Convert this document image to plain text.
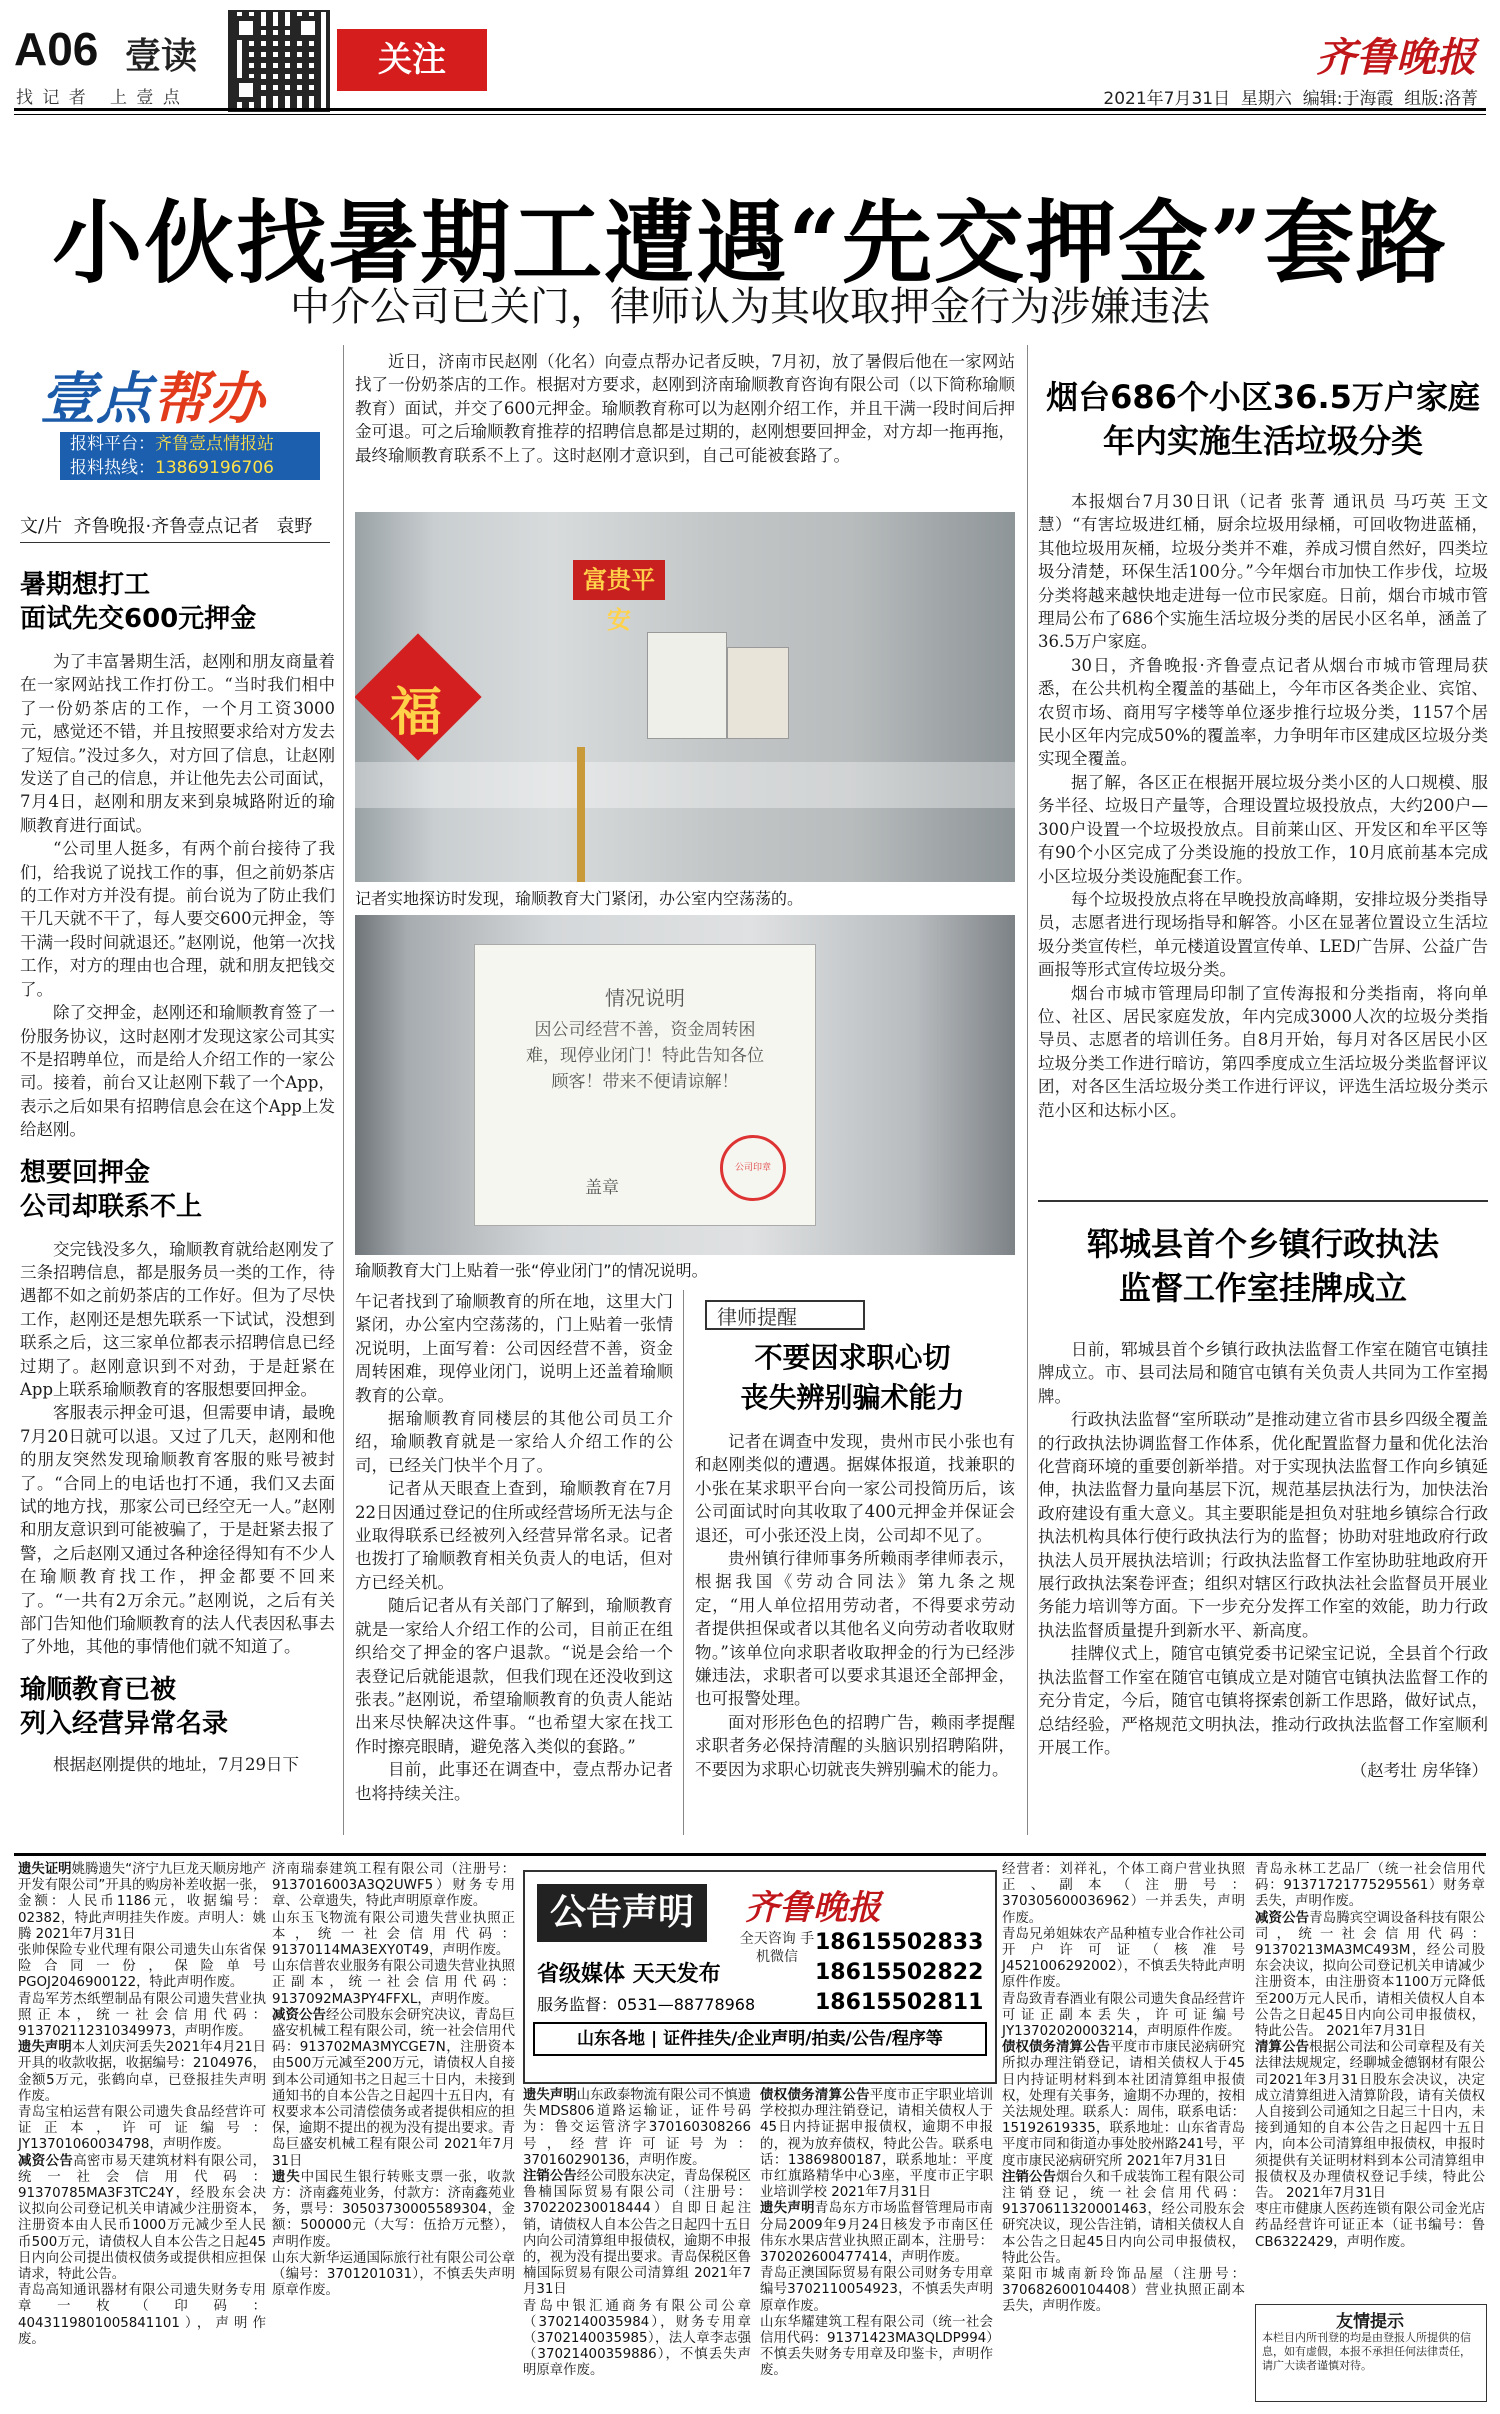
A06 壹读
找 记 者   上 壹 点
关注	齐鲁晚报
2021年7月31日  星期六  编辑:于海霞  组版:洛菁
小伙找暑期工遭遇“先交押金”套路
中介公司已关门，律师认为其收取押金行为涉嫌违法
壹点帮办
报料平台：齐鲁壹点情报站
报料热线：13869196706
文/片  齐鲁晚报·齐鲁壹点记者   袁野

近日，济南市民赵刚（化名）向壹点帮办记者反映，7月初，放了暑假后他在一家网站找了一份奶茶店的工作。根据对方要求，赵刚到济南瑜顺教育咨询有限公司（以下简称瑜顺教育）面试，并交了600元押金。瑜顺教育称可以为赵刚介绍工作，并且干满一段时间后押金可退。可之后瑜顺教育推荐的招聘信息都是过期的，赵刚想要回押金，对方却一拖再拖，最终瑜顺教育联系不上了。这时赵刚才意识到，自己可能被套路了。

暑期想打工
面试先交600元押金

为了丰富暑期生活，赵刚和朋友商量着在一家网站找工作打份工。“当时我们相中了一份奶茶店的工作，一个月工资3000元，感觉还不错，并且按照要求给对方发去了短信。”没过多久，对方回了信息，让赵刚发送了自己的信息，并让他先去公司面试，7月4日，赵刚和朋友来到泉城路附近的瑜顺教育进行面试。

“公司里人挺多，有两个前台接待了我们，给我说了说找工作的事，但之前奶茶店的工作对方并没有提。前台说为了防止我们干几天就不干了，每人要交600元押金，等干满一段时间就退还。”赵刚说，他第一次找工作，对方的理由也合理，就和朋友把钱交了。

除了交押金，赵刚还和瑜顺教育签了一份服务协议，这时赵刚才发现这家公司其实不是招聘单位，而是给人介绍工作的一家公司。接着，前台又让赵刚下载了一个App，表示之后如果有招聘信息会在这个App上发给赵刚。

想要回押金
公司却联系不上

交完钱没多久，瑜顺教育就给赵刚发了三条招聘信息，都是服务员一类的工作，待遇都不如之前奶茶店的工作好。但为了尽快工作，赵刚还是想先联系一下试试，没想到联系之后，这三家单位都表示招聘信息已经过期了。赵刚意识到不对劲，于是赶紧在App上联系瑜顺教育的客服想要回押金。

客服表示押金可退，但需要申请，最晚7月20日就可以退。又过了几天，赵刚和他的朋友突然发现瑜顺教育客服的账号被封了。“合同上的电话也打不通，我们又去面试的地方找，那家公司已经空无一人。”赵刚和朋友意识到可能被骗了，于是赶紧去报了警，之后赵刚又通过各种途径得知有不少人在瑜顺教育找工作，押金都要不回来了。“一共有2万余元。”赵刚说，之后有关部门告知他们瑜顺教育的法人代表因私事去了外地，其他的事情他们就不知道了。

瑜顺教育已被
列入经营异常名录

根据赵刚提供的地址，7月29日下

福
富贵平安
记者实地探访时发现，瑜顺教育大门紧闭，办公室内空荡荡的。
情况说明
因公司经营不善，资金周转困难，现停业闭门！特此告知各位顾客！带来不便请谅解！
盖章
公司印章
瑜顺教育大门上贴着一张“停业闭门”的情况说明。

午记者找到了瑜顺教育的所在地，这里大门紧闭，办公室内空荡荡的，门上贴着一张情况说明，上面写着：公司因经营不善，资金周转困难，现停业闭门，说明上还盖着瑜顺教育的公章。

据瑜顺教育同楼层的其他公司员工介绍，瑜顺教育就是一家给人介绍工作的公司，已经关门快半个月了。

记者从天眼查上查到，瑜顺教育在7月22日因通过登记的住所或经营场所无法与企业取得联系已经被列入经营异常名录。记者也拨打了瑜顺教育相关负责人的电话，但对方已经关机。

随后记者从有关部门了解到，瑜顺教育就是一家给人介绍工作的公司，目前正在组织给交了押金的客户退款。“说是会给一个表登记后就能退款，但我们现在还没收到这张表。”赵刚说，希望瑜顺教育的负责人能站出来尽快解决这件事。“也希望大家在找工作时擦亮眼睛，避免落入类似的套路。”

目前，此事还在调查中，壹点帮办记者也将持续关注。

律师提醒
不要因求职心切
丧失辨别骗术能力

记者在调查中发现，贵州市民小张也有和赵刚类似的遭遇。据媒体报道，找兼职的小张在某求职平台向一家公司投简历后，该公司面试时向其收取了400元押金并保证会退还，可小张还没上岗，公司却不见了。

贵州镇行律师事务所赖雨孝律师表示，根据我国《劳动合同法》第九条之规定，“用人单位招用劳动者，不得要求劳动者提供担保或者以其他名义向劳动者收取财物。”该单位向求职者收取押金的行为已经涉嫌违法，求职者可以要求其退还全部押金，也可报警处理。

面对形形色色的招聘广告，赖雨孝提醒求职者务必保持清醒的头脑识别招聘陷阱，不要因为求职心切就丧失辨别骗术的能力。

烟台686个小区36.5万户家庭
年内实施生活垃圾分类

本报烟台7月30日讯（记者 张菁 通讯员 马巧英 王文慧）“有害垃圾进红桶，厨余垃圾用绿桶，可回收物进蓝桶，其他垃圾用灰桶，垃圾分类并不难，养成习惯自然好，四类垃圾分清楚，环保生活100分。”今年烟台市加快工作步伐，垃圾分类将越来越快地走进每一位市民家庭。日前，烟台市城市管理局公布了686个实施生活垃圾分类的居民小区名单，涵盖了36.5万户家庭。

30日，齐鲁晚报·齐鲁壹点记者从烟台市城市管理局获悉，在公共机构全覆盖的基础上，今年市区各类企业、宾馆、农贸市场、商用写字楼等单位逐步推行垃圾分类，1157个居民小区年内完成50%的覆盖率，力争明年市区建成区垃圾分类实现全覆盖。

据了解，各区正在根据开展垃圾分类小区的人口规模、服务半径、垃圾日产量等，合理设置垃圾投放点，大约200户—300户设置一个垃圾投放点。目前莱山区、开发区和牟平区等有90个小区完成了分类设施的投放工作，10月底前基本完成小区垃圾分类设施配套工作。

每个垃圾投放点将在早晚投放高峰期，安排垃圾分类指导员，志愿者进行现场指导和解答。小区在显著位置设立生活垃圾分类宣传栏，单元楼道设置宣传单、LED广告屏、公益广告画报等形式宣传垃圾分类。

烟台市城市管理局印制了宣传海报和分类指南，将向单位、社区、居民家庭发放，年内完成3000人次的垃圾分类指导员、志愿者的培训任务。自8月开始，每月对各区居民小区垃圾分类工作进行暗访，第四季度成立生活垃圾分类监督评议团，对各区生活垃圾分类工作进行评议，评选生活垃圾分类示范小区和达标小区。

郓城县首个乡镇行政执法
监督工作室挂牌成立

日前，郓城县首个乡镇行政执法监督工作室在随官屯镇挂牌成立。市、县司法局和随官屯镇有关负责人共同为工作室揭牌。

行政执法监督“室所联动”是推动建立省市县乡四级全覆盖的行政执法协调监督工作体系，优化配置监督力量和优化法治化营商环境的重要创新举措。对于实现执法监督工作向乡镇延伸，执法监督力量向基层下沉，规范基层执法行为，加快法治政府建设有重大意义。其主要职能是担负对驻地乡镇综合行政执法机构具体行使行政执法行为的监督；协助对驻地政府行政执法人员开展执法培训；行政执法监督工作室协助驻地政府开展行政执法案卷评查；组织对辖区行政执法社会监督员开展业务能力培训等方面。下一步充分发挥工作室的效能，助力行政执法监督质量提升到新水平、新高度。

挂牌仪式上，随官屯镇党委书记梁宝记说，全县首个行政执法监督工作室在随官屯镇成立是对随官屯镇执法监督工作的充分肯定，今后，随官屯镇将探索创新工作思路，做好试点，总结经验，严格规范文明执法，推动行政执法监督工作室顺利开展工作。

（赵考壮 房华锋）

遗失证明姚腾遗失“济宁九巨龙天顺房地产开发有限公司”开具的购房补差收据一张，金额：人民币1186元，收据编号：02382，特此声明挂失作废。声明人：姚腾 2021年7月31日

张帅保险专业代理有限公司遗失山东省保险合同一份，保险单号PGOJ2046900122，特此声明作废。

青岛军芳杰纸塑制品有限公司遗失营业执照正本，统一社会信用代码：913702112310349973，声明作废。

遗失声明本人刘庆河丢失2021年4月21日开具的收款收据，收据编号：2104976，金额5万元，张鹤向卓，已登报挂失声明作废。

青岛宝柏运营有限公司遗失食品经营许可证正本，许可证编号：JY13701060034798，声明作废。

减资公告高密市易天建筑材料有限公司，统一社会信用代码：91370785MA3F3TC24Y，经股东会决议拟向公司登记机关申请减少注册资本，注册资本由人民币1000万元减少至人民币500万元，请债权人自本公告之日起45日内向公司提出债权债务或提供相应担保请求，特此公告。

青岛高知通讯器材有限公司遗失财务专用章一枚（印码：4043119801005841101），声明作废。

济南瑞泰建筑工程有限公司（注册号：9137016003A3Q2UWF5）财务专用章、公章遗失，特此声明原章作废。

山东玉飞物流有限公司遗失营业执照正本，统一社会信用代码：91370114MA3EXY0T49，声明作废。

山东信普农业服务有限公司遗失营业执照正副本，统一社会信用代码：9137092MA3PY4FFXL，声明作废。

减资公告经公司股东会研究决议，青岛巨盛安机械工程有限公司，统一社会信用代码：913702MA3MYCGE7N，注册资本由500万元减至200万元，请债权人自接到本公司通知书之日起三十日内，未接到通知书的自本公告之日起四十五日内，有权要求本公司清偿债务或者提供相应的担保，逾期不提出的视为没有提出要求。青岛巨盛安机械工程有限公司 2021年7月31日

遗失中国民生银行转账支票一张，收款方：济南鑫苑业务，付款方：济南鑫苑业务，票号：30503730005589304，金额：500000元（大写：伍拾万元整），声明作废。

山东大新华运通国际旅行社有限公司公章（编号：3701201031），不慎丢失声明原章作废。

公告声明	齐鲁晚报
全天咨询 手机微信
18615502833
18615502822
18615502811
省级媒体 天天发布
服务监督：0531—88778968
山东各地 | 证件挂失/企业声明/拍卖/公告/程序等

遗失声明山东政泰物流有限公司不慎遗失MDS806道路运输证，证件号码为：鲁交运管济字370160308266号，经营许可证号为：370160290136，声明作废。

注销公告经公司股东决定，青岛保税区鲁楠国际贸易有限公司（注册号：370220230018444）自即日起注销，请债权人自本公告之日起四十五日内向公司清算组申报债权，逾期不申报的，视为没有提出要求。青岛保税区鲁楠国际贸易有限公司清算组 2021年7月31日

青岛中银汇通商务有限公司公章（3702140035984），财务专用章（3702140035985），法人章李志强（37021400359886），不慎丢失声明原章作废。

债权债务清算公告平度市正宇职业培训学校拟办理注销登记，请相关债权人于45日内持证据申报债权，逾期不申报的，视为放弃债权，特此公告。联系电话：13869800187，联系地址：平度市红旗路精华中心3座，平度市正宇职业培训学校 2021年7月31日

遗失声明青岛东方市场监督管理局市南分局2009年9月24日核发予市南区任伟东水果店营业执照正副本，注册号：370202600477414，声明作废。

青岛正澳国际贸易有限公司财务专用章编号3702110054923，不慎丢失声明原章作废。

山东华耀建筑工程有限公司（统一社会信用代码：91371423MA3QLDP994）不慎丢失财务专用章及印鉴卡，声明作废。

经营者：刘祥礼，个体工商户营业执照正、副本（注册号：370305600036962）一并丢失，声明作废。

青岛兄弟姐妹农产品种植专业合作社公司开户许可证（核准号J4521006292002），不慎丢失特此声明原件作废。

青岛致青春酒业有限公司遗失食品经营许可证正副本丢失，许可证编号JY13702020003214，声明原件作废。

债权债务清算公告平度市市康民泌病研究所拟办理注销登记，请相关债权人于45日内持证明材料到本社团清算组申报债权，处理有关事务，逾期不办理的，按相关法规处理。联系人：周伟，联系电话：15192619335，联系地址：山东省青岛平度市同和街道办事处胶州路241号，平度市康民泌病研究所 2021年7月31日

注销公告烟台久和千成装饰工程有限公司注销登记，统一社会信用代码：91370611320001463，经公司股东会研究决议，现公告注销，请相关债权人自本公告之日起45日内向公司申报债权，特此公告。

菜阳市城南新玲饰品屋（注册号：370682600104408）营业执照正副本丢失，声明作废。

青岛永林工艺品厂（统一社会信用代码：91371721775295561）财务章丢失，声明作废。

减资公告青岛腾宾空调设备科技有限公司，统一社会信用代码：91370213MA3MC493M，经公司股东会决议，拟向公司登记机关申请减少注册资本，由注册资本1100万元降低至200万元人民币，请相关债权人自本公告之日起45日内向公司申报债权，特此公告。 2021年7月31日

清算公告根据公司法和公司章程及有关法律法规规定，经聊城金德钢材有限公司2021年3月31日股东会决议，决定成立清算组进入清算阶段，请有关债权人自接到公司通知之日起三十日内，未接到通知的自本公告之日起四十五日内，向本公司清算组申报债权，申报时须提供有关证明材料到本公司清算组申报债权及办理债权登记手续，特此公告。 2021年7月31日

枣庄市健康人医药连锁有限公司金光店药品经营许可证正本（证书编号：鲁CB6322429，声明作废。

友情提示
本栏目内所刊登的均是由登报人所提供的信息，如有虚假，本报不承担任何法律责任，请广大读者谨慎对待。
